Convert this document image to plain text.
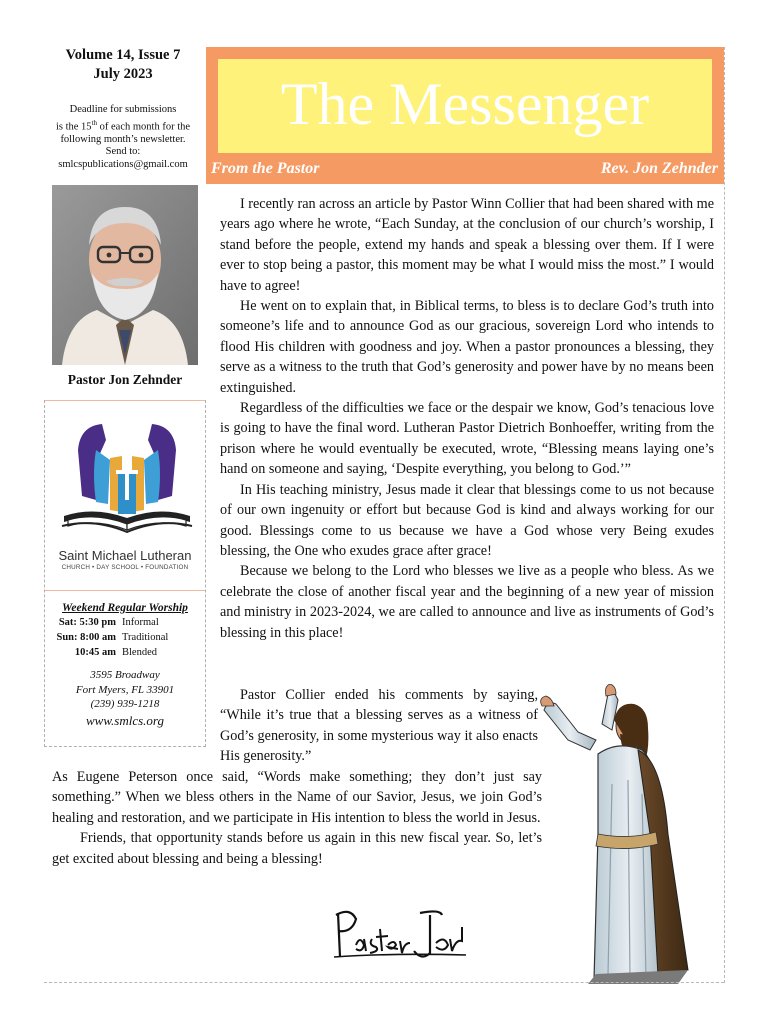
Volume 14, Issue 7
July 2023
Deadline for submissions
is the 15th of each month for the
following month’s newsletter.
Send to:
smlcspublications@gmail.com
Pastor Jon Zehnder
Saint Michael Lutheran
CHURCH • DAY SCHOOL • FOUNDATION
Weekend Regular Worship
Sat: 5:30 pm Informal
Sun: 8:00 am Traditional
10:45 am Blended
3595 Broadway
Fort Myers, FL 33901
(239) 939-1218
www.smlcs.org
The Messenger
From the Pastor	Rev. Jon Zehnder

I recently ran across an article by Pastor Winn Collier that had been shared with me years ago where he wrote, “Each Sunday, at the conclusion of our church’s worship, I stand before the people, extend my hands and speak a blessing over them. If I were ever to stop being a pastor, this moment may be what I would miss the most.” I would have to agree!

He went on to explain that, in Biblical terms, to bless is to declare God’s truth into someone’s life and to announce God as our gracious, sovereign Lord who intends to flood His children with goodness and joy. When a pastor pronounces a blessing, they serve as a witness to the truth that God’s generosity and power have by no means been extinguished.

Regardless of the difficulties we face or the despair we know, God’s tenacious love is going to have the final word. Lutheran Pastor Dietrich Bonhoeffer, writing from the prison where he would eventually be executed, wrote, “Blessing means laying one’s hand on someone and saying, ‘Despite everything, you belong to God.’”

In His teaching ministry, Jesus made it clear that blessings come to us not because of our own ingenuity or effort but because God is kind and always working for our good. Blessings come to us because we have a God whose very Being exudes blessing, the One who exudes grace after grace!

Because we belong to the Lord who blesses we live as a people who bless. As we celebrate the close of another fiscal year and the beginning of a new year of mission and ministry in 2023-2024, we are called to announce and live as instruments of God’s blessing in this place!

Pastor Collier ended his comments by saying, “While it’s true that a blessing serves as a witness of God’s generosity, in some mysterious way it also enacts His generosity.”

As Eugene Peterson once said, “Words make something; they don’t just say something.” When we bless others in the Name of our Savior, Jesus, we join God’s healing and restoration, and we participate in His intention to bless the world in Jesus.

Friends, that opportunity stands before us again in this new fiscal year. So, let’s get excited about blessing and being a blessing!
